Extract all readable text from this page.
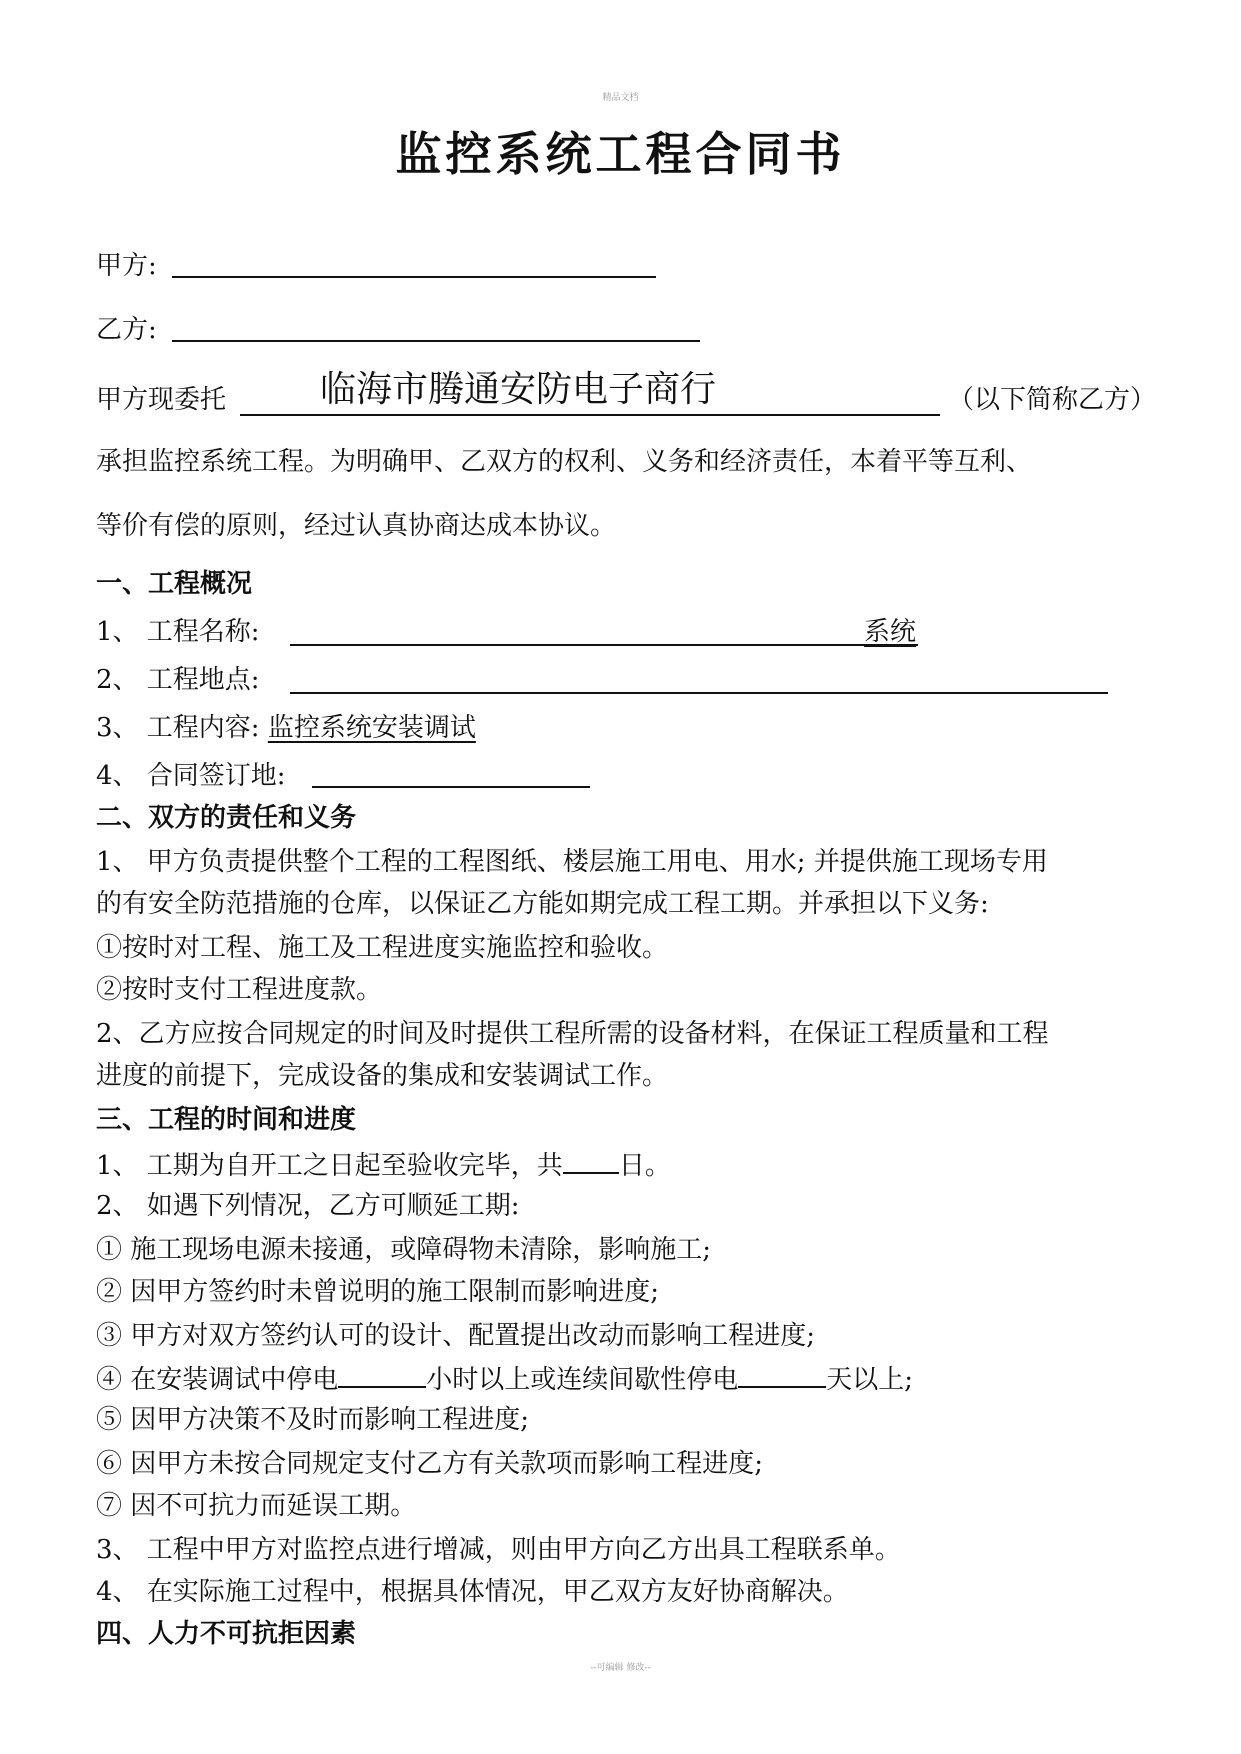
精品文档
监控系统工程合同书
甲方:
乙方:
甲方现委托	临海市腾通安防电子商行	（以下简称乙方）
承担监控系统工程。为明确甲、乙双方的权利、义务和经济责任，本着平等互利、
等价有偿的原则，经过认真协商达成本协议。
一、工程概况
1、 工程名称:	系统
2、 工程地点:
3、 工程内容: 监控系统安装调试
4、 合同签订地:
二、双方的责任和义务
1、 甲方负责提供整个工程的工程图纸、楼层施工用电、用水; 并提供施工现场专用
的有安全防范措施的仓库，以保证乙方能如期完成工程工期。并承担以下义务:
①按时对工程、施工及工程进度实施监控和验收。
②按时支付工程进度款。
2、乙方应按合同规定的时间及时提供工程所需的设备材料，在保证工程质量和工程
进度的前提下，完成设备的集成和安装调试工作。
三、工程的时间和进度
1、 工期为自开工之日起至验收完毕，共 日。
2、 如遇下列情况，乙方可顺延工期:
① 施工现场电源未接通，或障碍物未清除，影响施工;
② 因甲方签约时未曾说明的施工限制而影响进度;
③ 甲方对双方签约认可的设计、配置提出改动而影响工程进度;
④ 在安装调试中停电	小时以上或连续间歇性停电	天以上;
⑤ 因甲方决策不及时而影响工程进度;
⑥ 因甲方未按合同规定支付乙方有关款项而影响工程进度;
⑦ 因不可抗力而延误工期。
3、 工程中甲方对监控点进行增减，则由甲方向乙方出具工程联系单。
4、 在实际施工过程中，根据具体情况，甲乙双方友好协商解决。
四、人力不可抗拒因素
--可编辑 修改--
